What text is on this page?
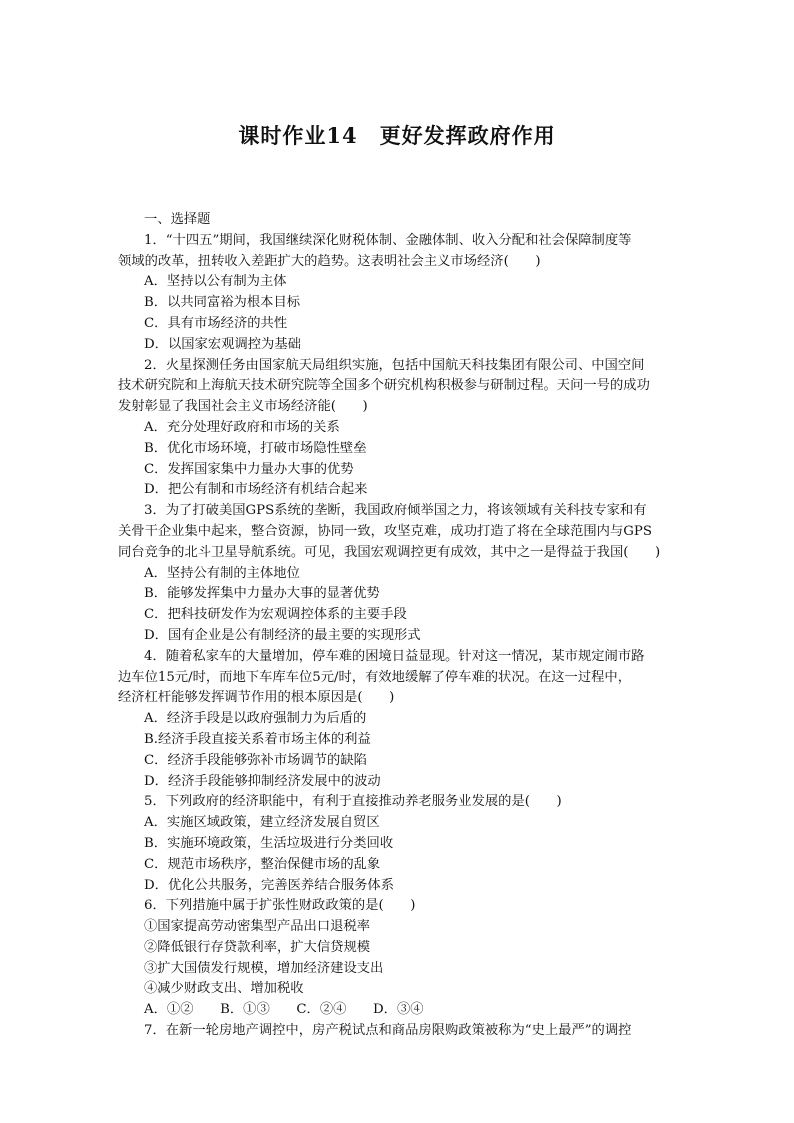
课时作业14　更好发挥政府作用
一、选择题
1．“十四五”期间，我国继续深化财税体制、金融体制、收入分配和社会保障制度等
领域的改革，扭转收入差距扩大的趋势。这表明社会主义市场经济(　　)
A．坚持以公有制为主体
B．以共同富裕为根本目标
C．具有市场经济的共性
D．以国家宏观调控为基础
2．火星探测任务由国家航天局组织实施，包括中国航天科技集团有限公司、中国空间
技术研究院和上海航天技术研究院等全国多个研究机构积极参与研制过程。天问一号的成功
发射彰显了我国社会主义市场经济能(　　)
A．充分处理好政府和市场的关系
B．优化市场环境，打破市场隐性壁垒
C．发挥国家集中力量办大事的优势
D．把公有制和市场经济有机结合起来
3．为了打破美国GPS系统的垄断，我国政府倾举国之力，将该领域有关科技专家和有
关骨干企业集中起来，整合资源，协同一致，攻坚克难，成功打造了将在全球范围内与GPS
同台竞争的北斗卫星导航系统。可见，我国宏观调控更有成效，其中之一是得益于我国(　　)
A．坚持公有制的主体地位
B．能够发挥集中力量办大事的显著优势
C．把科技研发作为宏观调控体系的主要手段
D．国有企业是公有制经济的最主要的实现形式
4．随着私家车的大量增加，停车难的困境日益显现。针对这一情况，某市规定闹市路
边车位15元/时，而地下车库车位5元/时，有效地缓解了停车难的状况。在这一过程中，
经济杠杆能够发挥调节作用的根本原因是(　　)
A．经济手段是以政府强制力为后盾的
B.经济手段直接关系着市场主体的利益
C．经济手段能够弥补市场调节的缺陷
D．经济手段能够抑制经济发展中的波动
5．下列政府的经济职能中，有利于直接推动养老服务业发展的是(　　)
A．实施区域政策，建立经济发展自贸区
B．实施环境政策，生活垃圾进行分类回收
C．规范市场秩序，整治保健市场的乱象
D．优化公共服务，完善医养结合服务体系
6．下列措施中属于扩张性财政政策的是(　　)
①国家提高劳动密集型产品出口退税率
②降低银行存贷款利率，扩大信贷规模
③扩大国债发行规模，增加经济建设支出
④减少财政支出、增加税收
A．①②　　B．①③　　C．②④　　D．③④
7．在新一轮房地产调控中，房产税试点和商品房限购政策被称为“史上最严”的调控
